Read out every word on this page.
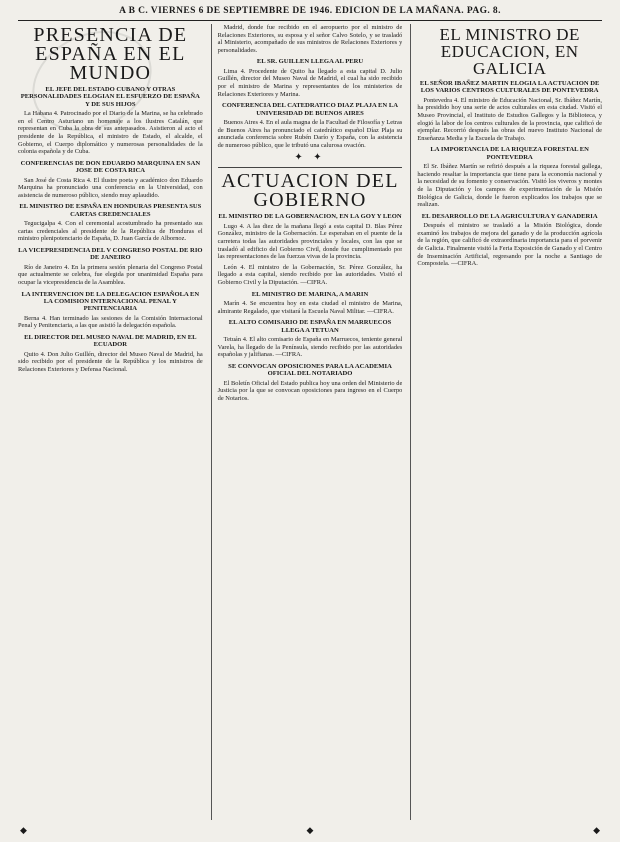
A B C. VIERNES 6 DE SEPTIEMBRE DE 1946. EDICION DE LA MAÑANA. PAG. 8.
PRESENCIA DE ESPAÑA EN EL MUNDO
EL JEFE DEL ESTADO CUBANO Y OTRAS PERSONALIDADES ELOGIAN EL ESFUERZO DE ESPAÑA Y DE SUS HIJOS

La Habana 4. Patrocinado por el Diario de la Marina, se ha celebrado en el Centro Asturiano un homenaje a los ilustres Catalán, que representan en Cuba la obra de sus antepasados. Asistieron al acto el presidente de la República, el ministro de Estado, el alcalde, el Gobierno, el Cuerpo diplomático y numerosas personalidades de la colonia española y de Cuba.

CONFERENCIAS DE DON EDUARDO MARQUINA EN SAN JOSE DE COSTA RICA

San José de Costa Rica 4. El ilustre poeta y académico don Eduardo Marquina ha pronunciado una conferencia en la Universidad, con asistencia de numeroso público, siendo muy aplaudido.

EL MINISTRO DE ESPAÑA EN HONDURAS PRESENTA SUS CARTAS CREDENCIALES

Tegucigalpa 4. Con el ceremonial acostumbrado ha presentado sus cartas credenciales al presidente de la República de Honduras el ministro plenipotenciario de España, D. Juan García de Albornoz.

LA VICEPRESIDENCIA DEL V CONGRESO POSTAL DE RIO DE JANEIRO

Río de Janeiro 4. En la primera sesión plenaria del Congreso Postal que actualmente se celebra, fue elegida por unanimidad España para ocupar la vicepresidencia de la Asamblea.

LA INTERVENCION DE LA DELEGACION ESPAÑOLA EN LA COMISION INTERNACIONAL PENAL Y PENITENCIARIA

Berna 4. Han terminado las sesiones de la Comisión Internacional Penal y Penitenciaria, a las que asistió la delegación española.

EL DIRECTOR DEL MUSEO NAVAL DE MADRID, EN EL ECUADOR

Quito 4. Don Julio Guillén, director del Museo Naval de Madrid, ha sido recibido por el presidente de la República y los ministros de Relaciones Exteriores y Defensa Nacional.

Madrid, donde fue recibido en el aeropuerto por el ministro de Relaciones Exteriores, su esposa y el señor Calvo Sotelo, y se trasladó al Ministerio, acompañado de sus ministros de Relaciones Exteriores y personalidades.

EL SR. GUILLEN LLEGA AL PERU

Lima 4. Procedente de Quito ha llegado a esta capital D. Julio Guillén, director del Museo Naval de Madrid, el cual ha sido recibido por el ministro de Marina y representantes de los ministerios de Relaciones Exteriores y Marina.

CONFERENCIA DEL CATEDRATICO DIAZ PLAJA EN LA UNIVERSIDAD DE BUENOS AIRES

Buenos Aires 4. En el aula magna de la Facultad de Filosofía y Letras de Buenos Aires ha pronunciado el catedrático español Díaz Plaja su anunciada conferencia sobre Rubén Darío y España, con la asistencia de numeroso público, que le tributó una calurosa ovación.

✦ ✦
ACTUACION DEL GOBIERNO
EL MINISTRO DE LA GOBERNACION, EN LA GOY Y LEON

Lugo 4. A las diez de la mañana llegó a esta capital D. Blas Pérez González, ministro de la Gobernación. Le esperaban en el puente de la carretera todas las autoridades provinciales y locales, con las que se trasladó al edificio del Gobierno Civil, donde fue cumplimentado por las representaciones de las fuerzas vivas de la provincia.

León 4. El ministro de la Gobernación, Sr. Pérez González, ha llegado a esta capital, siendo recibido por las autoridades. Visitó el Gobierno Civil y la Diputación. —CIFRA.

EL MINISTRO DE MARINA, A MARIN

Marín 4. Se encuentra hoy en esta ciudad el ministro de Marina, almirante Regalado, que visitará la Escuela Naval Militar. —CIFRA.

EL ALTO COMISARIO DE ESPAÑA EN MARRUECOS LLEGA A TETUAN

Tetuán 4. El alto comisario de España en Marruecos, teniente general Varela, ha llegado de la Península, siendo recibido por las autoridades españolas y jalifianas. —CIFRA.

SE CONVOCAN OPOSICIONES PARA LA ACADEMIA OFICIAL DEL NOTARIADO

El Boletín Oficial del Estado publica hoy una orden del Ministerio de Justicia por la que se convocan oposiciones para ingreso en el Cuerpo de Notarios.

EL MINISTRO DE EDUCACION, EN GALICIA
EL SEÑOR IBAÑEZ MARTIN ELOGIA LA ACTUACION DE LOS VARIOS CENTROS CULTURALES DE PONTEVEDRA

Pontevedra 4. El ministro de Educación Nacional, Sr. Ibáñez Martín, ha presidido hoy una serie de actos culturales en esta ciudad. Visitó el Museo Provincial, el Instituto de Estudios Gallegos y la Biblioteca, y elogió la labor de los centros culturales de la provincia, que calificó de ejemplar. Recorrió después las obras del nuevo Instituto Nacional de Enseñanza Media y la Escuela de Trabajo.

LA IMPORTANCIA DE LA RIQUEZA FORESTAL EN PONTEVEDRA

El Sr. Ibáñez Martín se refirió después a la riqueza forestal gallega, haciendo resaltar la importancia que tiene para la economía nacional y la necesidad de su fomento y conservación. Visitó los viveros y montes de la Diputación y los campos de experimentación de la Misión Biológica de Galicia, donde le fueron explicados los trabajos que se realizan.

EL DESARROLLO DE LA AGRICULTURA Y GANADERIA

Después el ministro se trasladó a la Misión Biológica, donde examinó los trabajos de mejora del ganado y de la producción agrícola de la región, que calificó de extraordinaria importancia para el porvenir de Galicia. Finalmente visitó la Feria Exposición de Ganado y el Centro de Inseminación Artificial, regresando por la noche a Santiago de Compostela. —CIFRA.

◆	◆	◆
